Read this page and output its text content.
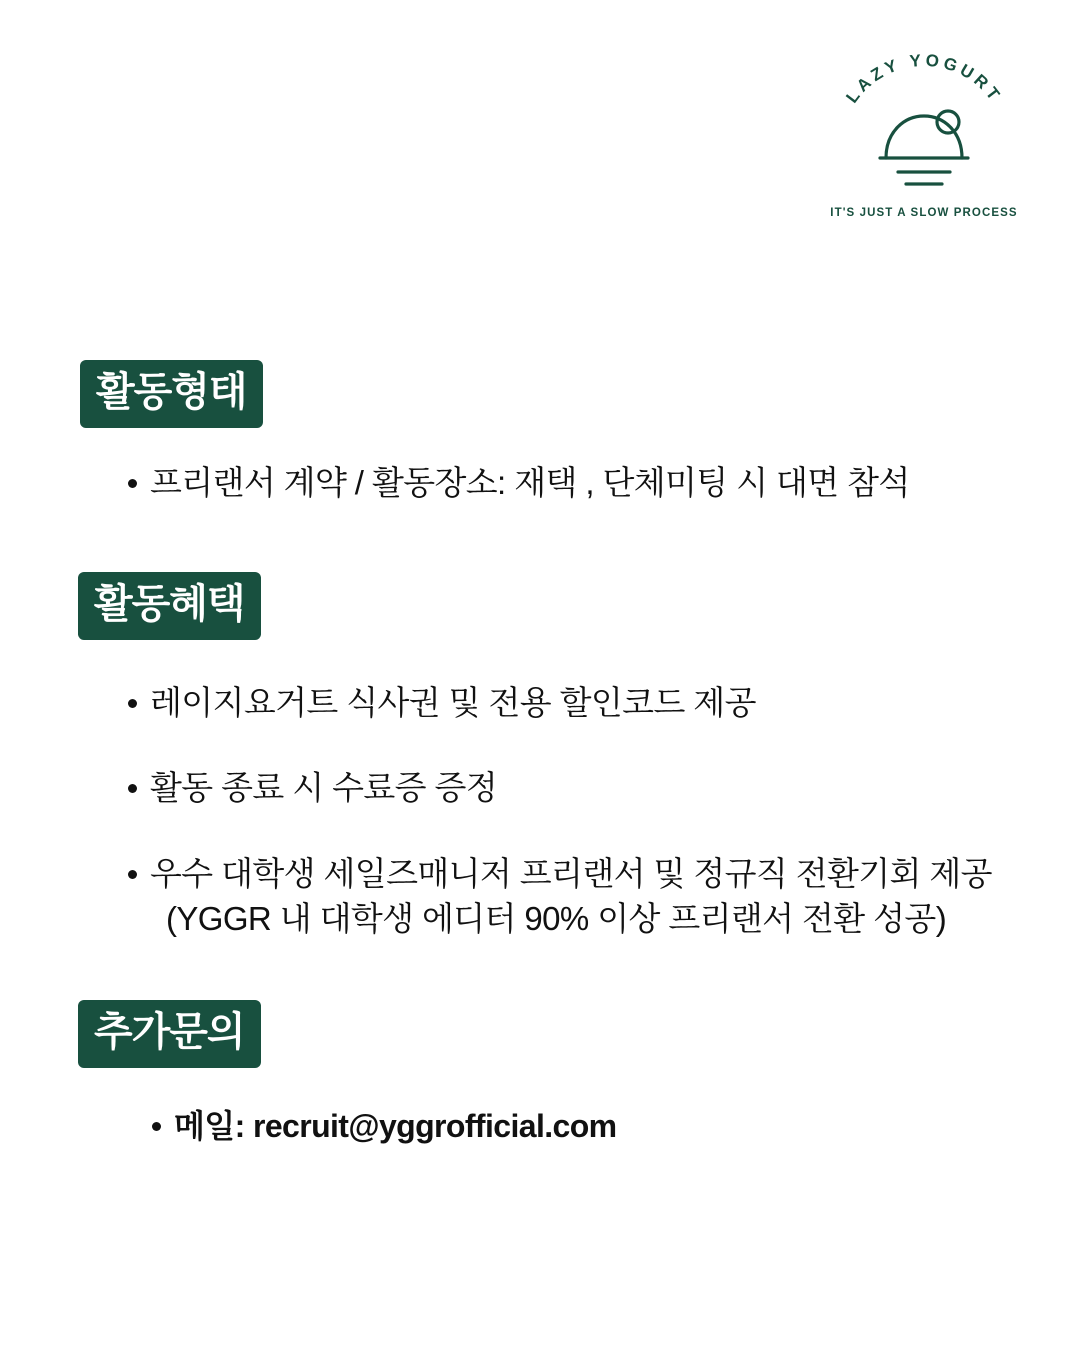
LAZY YOGURT
IT'S JUST A SLOW PROCESS
활동형태
프리랜서 계약 / 활동장소: 재택 , 단체미팅 시 대면 참석
활동혜택
레이지요거트 식사권 및 전용 할인코드 제공
활동 종료 시 수료증 증정
우수 대학생 세일즈매니저 프리랜서 및 정규직 전환기회 제공
(YGGR 내 대학생 에디터 90% 이상 프리랜서 전환 성공)
추가문의
메일: recruit@yggrofficial.com
